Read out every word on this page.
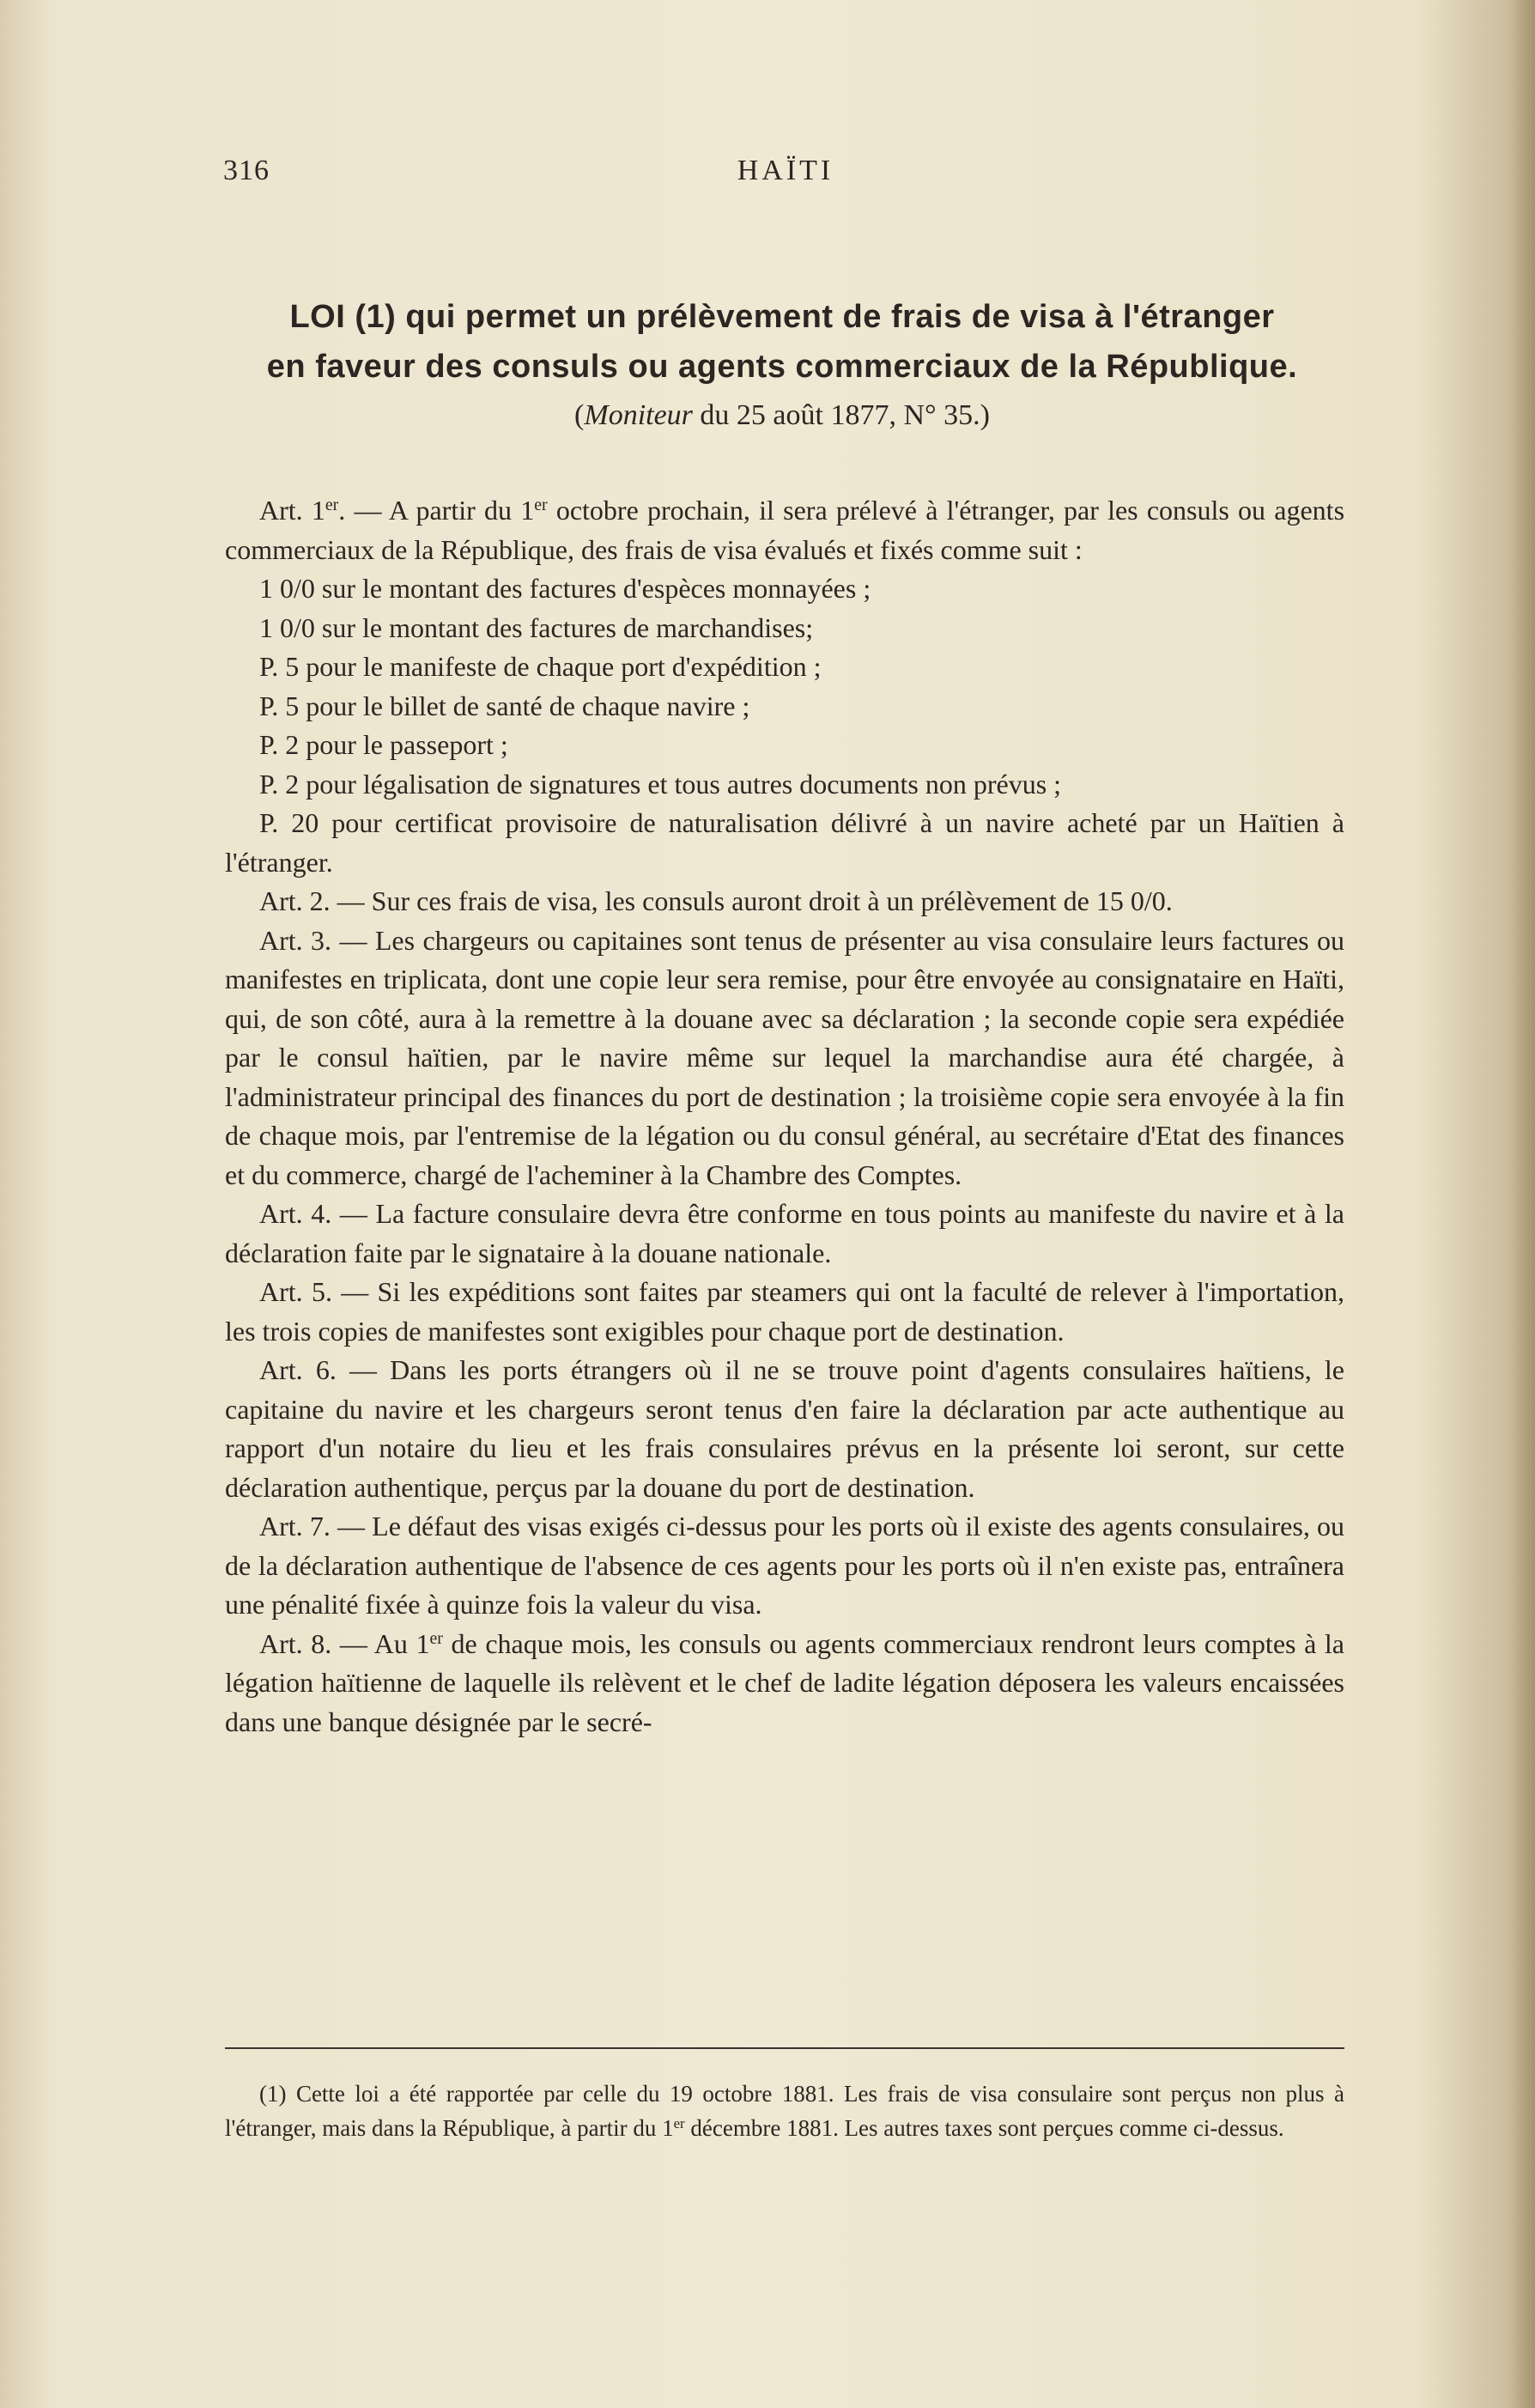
316	HAÏTI

LOI (1) qui permet un prélèvement de frais de visa à l'étranger

en faveur des consuls ou agents commerciaux de la République.

(Moniteur du 25 août 1877, N° 35.)

Art. 1er. — A partir du 1er octobre prochain, il sera prélevé à l'étranger, par les consuls ou agents commerciaux de la République, des frais de visa évalués et fixés comme suit :

1 0/0 sur le montant des factures d'espèces monnayées ;

1 0/0 sur le montant des factures de marchandises;

P. 5 pour le manifeste de chaque port d'expédition ;

P. 5 pour le billet de santé de chaque navire ;

P. 2 pour le passeport ;

P. 2 pour légalisation de signatures et tous autres documents non prévus ;

P. 20 pour certificat provisoire de naturalisation délivré à un navire acheté par un Haïtien à l'étranger.

Art. 2. — Sur ces frais de visa, les consuls auront droit à un prélèvement de 15 0/0.

Art. 3. — Les chargeurs ou capitaines sont tenus de présenter au visa consulaire leurs factures ou manifestes en triplicata, dont une copie leur sera remise, pour être envoyée au consignataire en Haïti, qui, de son côté, aura à la remettre à la douane avec sa déclaration ; la seconde copie sera expédiée par le consul haïtien, par le navire même sur lequel la marchandise aura été chargée, à l'administrateur principal des finances du port de destination ; la troisième copie sera envoyée à la fin de chaque mois, par l'entremise de la légation ou du consul général, au secrétaire d'Etat des finances et du commerce, chargé de l'acheminer à la Chambre des Comptes.

Art. 4. — La facture consulaire devra être conforme en tous points au manifeste du navire et à la déclaration faite par le signataire à la douane nationale.

Art. 5. — Si les expéditions sont faites par steamers qui ont la faculté de relever à l'importation, les trois copies de manifestes sont exigibles pour chaque port de destination.

Art. 6. — Dans les ports étrangers où il ne se trouve point d'agents consulaires haïtiens, le capitaine du navire et les chargeurs seront tenus d'en faire la déclaration par acte authentique au rapport d'un notaire du lieu et les frais consulaires prévus en la présente loi seront, sur cette déclaration authentique, perçus par la douane du port de destination.

Art. 7. — Le défaut des visas exigés ci-dessus pour les ports où il existe des agents consulaires, ou de la déclaration authentique de l'absence de ces agents pour les ports où il n'en existe pas, entraînera une pénalité fixée à quinze fois la valeur du visa.

Art. 8. — Au 1er de chaque mois, les consuls ou agents commerciaux rendront leurs comptes à la légation haïtienne de laquelle ils relèvent et le chef de ladite légation déposera les valeurs encaissées dans une banque désignée par le secré-

(1) Cette loi a été rapportée par celle du 19 octobre 1881. Les frais de visa consulaire sont perçus non plus à l'étranger, mais dans la République, à partir du 1er décembre 1881. Les autres taxes sont perçues comme ci-dessus.
